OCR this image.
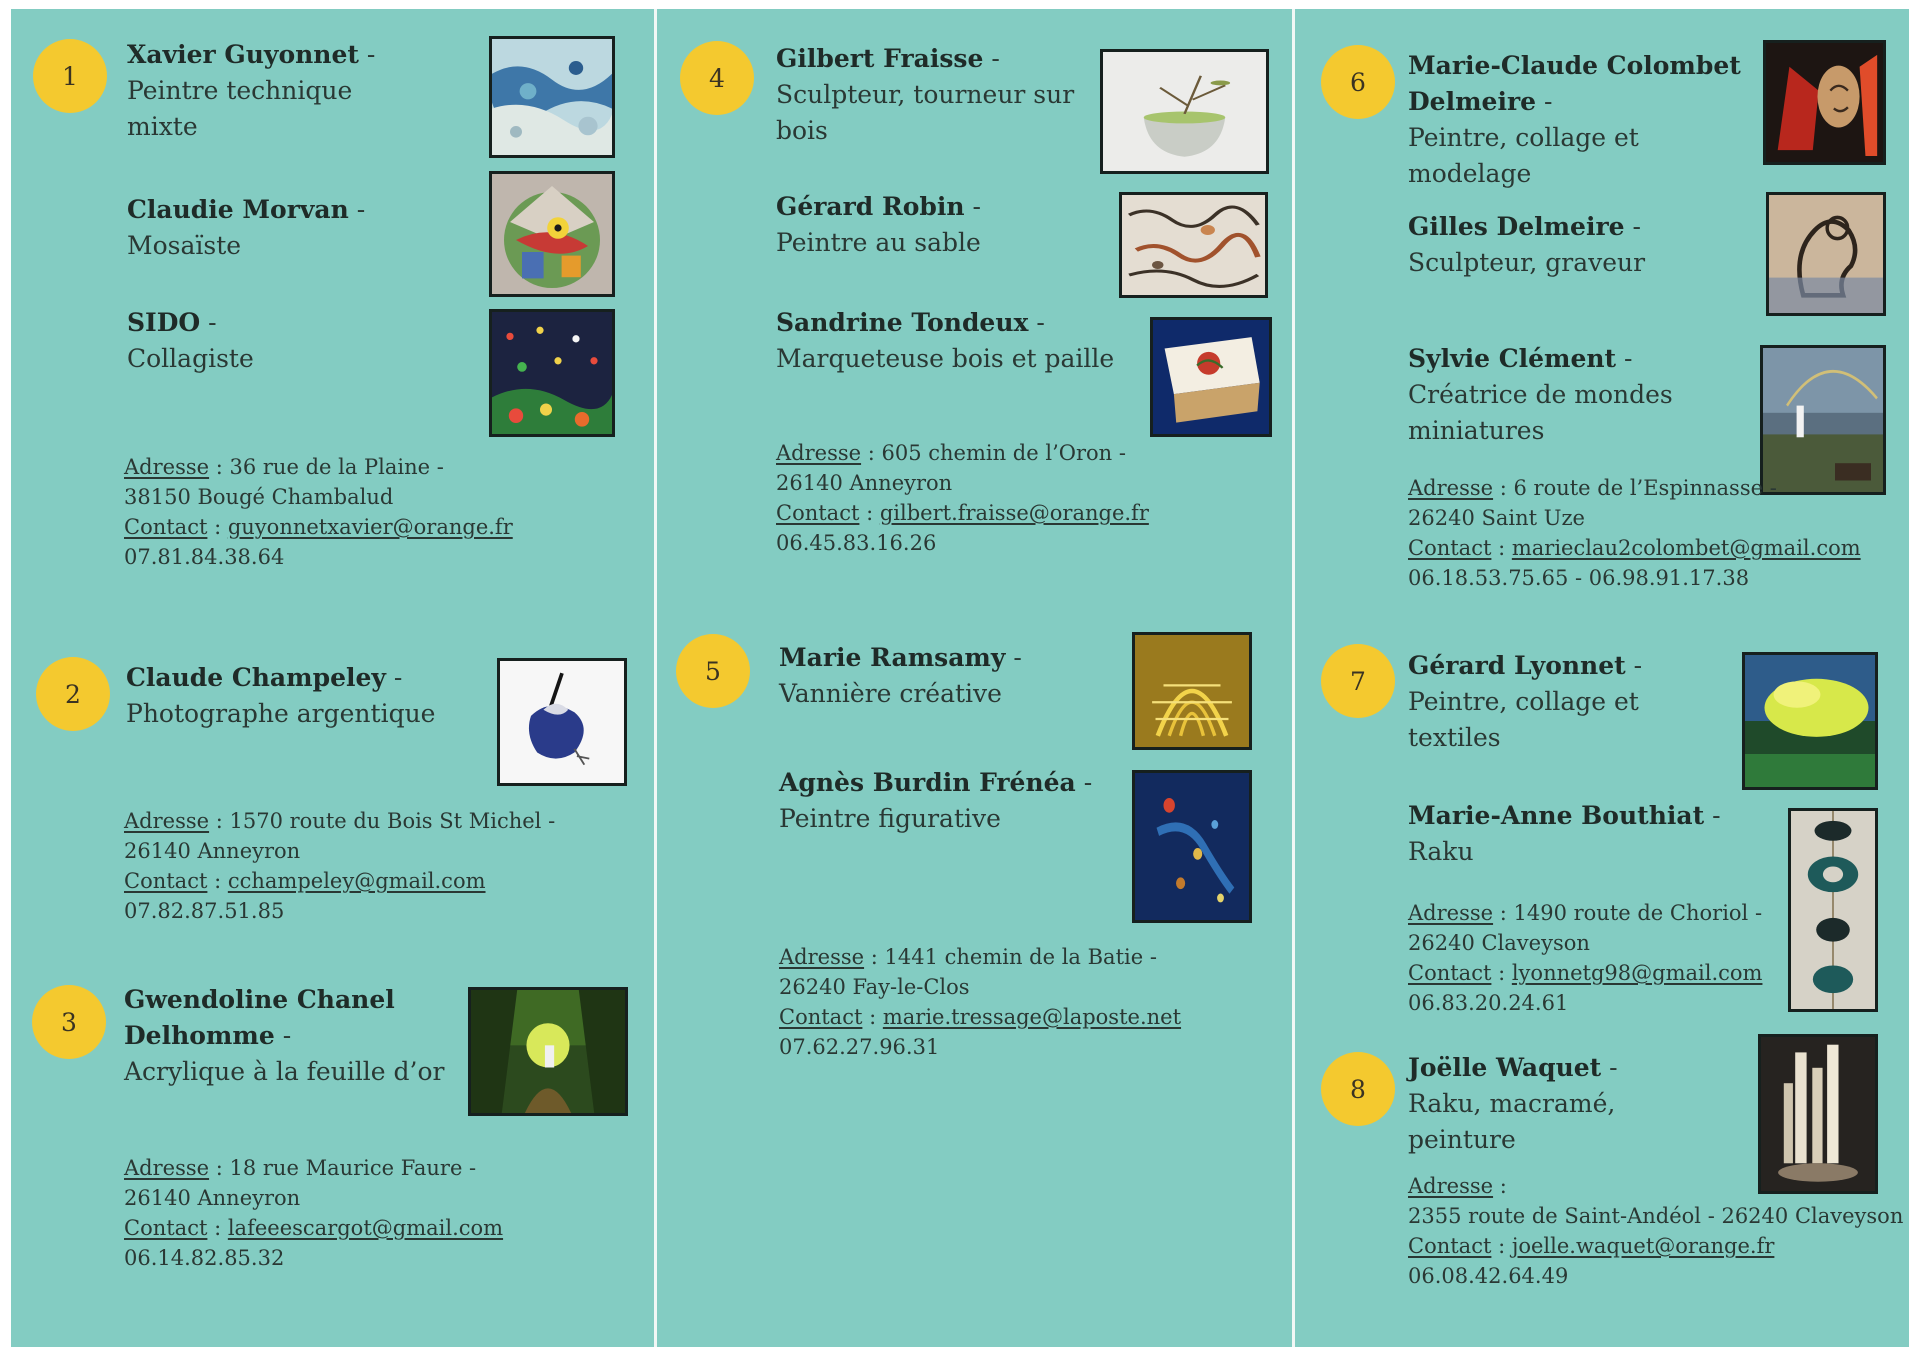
1
Xavier Guyonnet -
Peintre technique mixte
Claudie Morvan -
Mosaïste
SIDO -
Collagiste
Adresse : 36 rue de la Plaine -
38150 Bougé Chambalud
Contact : guyonnetxavier@orange.fr
07.81.84.38.64
2
Claude Champeley -
Photographe argentique
Adresse : 1570 route du Bois St Michel -
26140 Anneyron
Contact : cchampeley@gmail.com
07.82.87.51.85
3
Gwendoline Chanel Delhomme -
Acrylique à la feuille d’or
Adresse : 18 rue Maurice Faure -
26140 Anneyron
Contact : lafeeescargot@gmail.com
06.14.82.85.32
4
Gilbert Fraisse -
Sculpteur, tourneur sur bois
Gérard Robin -
Peintre au sable
Sandrine Tondeux -
Marqueteuse bois et paille
Adresse : 605 chemin de l’Oron -
26140 Anneyron
Contact : gilbert.fraisse@orange.fr
06.45.83.16.26
5	Marie Ramsamy -
Vannière créative
Agnès Burdin Frénéa -
Peintre figurative
Adresse : 1441 chemin de la Batie -
26240 Fay-le-Clos
Contact : marie.tressage@laposte.net
07.62.27.96.31
6
Marie-Claude Colombet Delmeire -
Peintre, collage et modelage
Gilles Delmeire -
Sculpteur, graveur
Sylvie Clément -
Créatrice de mondes miniatures
Adresse : 6 route de l’Espinnasse -
26240 Saint Uze
Contact : marieclau2colombet@gmail.com
06.18.53.75.65 - 06.98.91.17.38
7
Gérard Lyonnet -
Peintre, collage et textiles
Marie-Anne Bouthiat -
Raku
Adresse : 1490 route de Choriol -
26240 Claveyson
Contact : lyonnetg98@gmail.com
06.83.20.24.61
8
Joëlle Waquet -
Raku, macramé, peinture
Adresse :
2355 route de Saint-Andéol - 26240 Claveyson
Contact : joelle.waquet@orange.fr
06.08.42.64.49
